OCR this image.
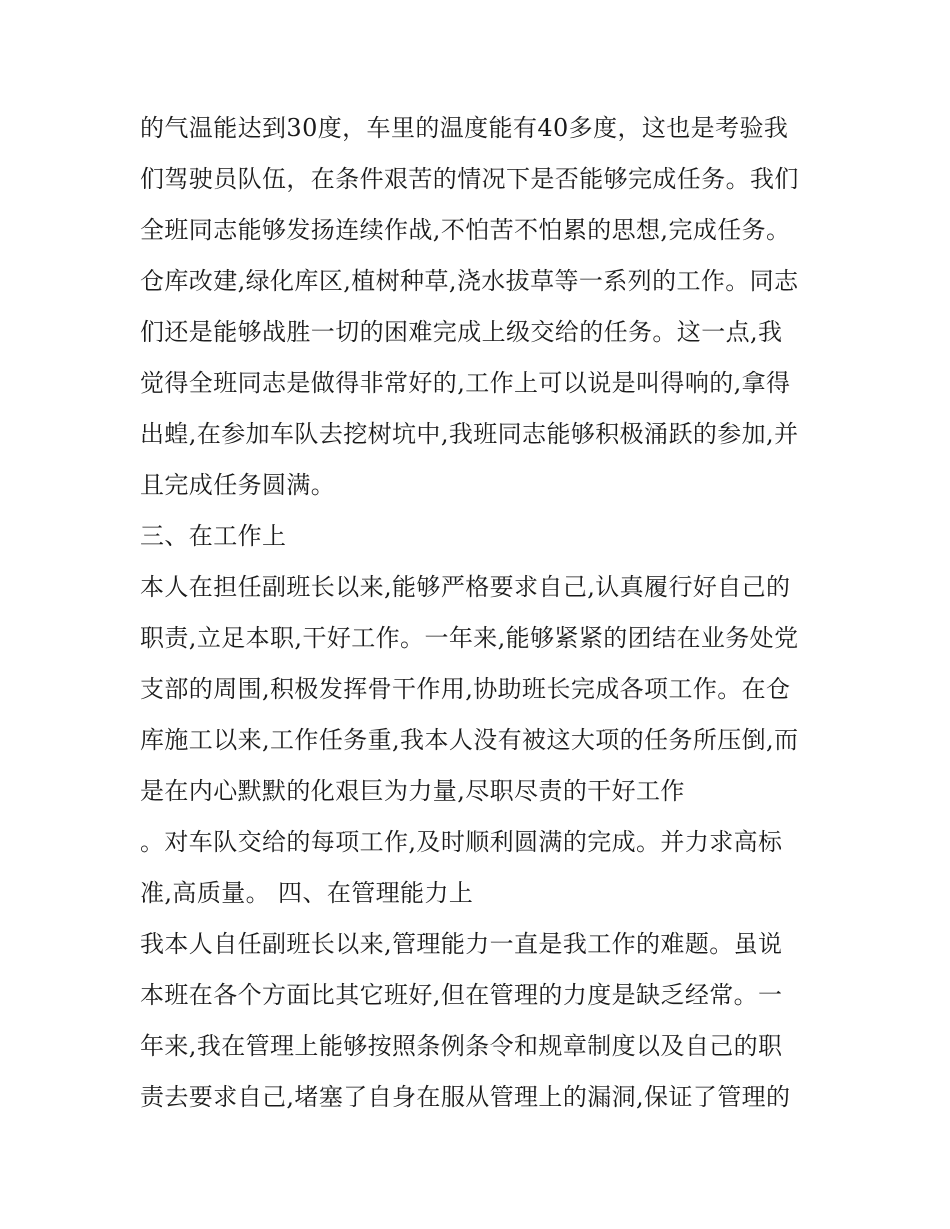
的气温能达到30度，车里的温度能有40多度，这也是考验我
们驾驶员队伍，在条件艰苦的情况下是否能够完成任务。我们
全班同志能够发扬连续作战,不怕苦不怕累的思想,完成任务。
仓库改建,绿化库区,植树种草,浇水拔草等一系列的工作。同志
们还是能够战胜一切的困难完成上级交给的任务。这一点,我
觉得全班同志是做得非常好的,工作上可以说是叫得响的,拿得
出蝗,在参加车队去挖树坑中,我班同志能够积极涌跃的参加,并
且完成任务圆满。
三、在工作上
本人在担任副班长以来,能够严格要求自己,认真履行好自己的
职责,立足本职,干好工作。一年来,能够紧紧的团结在业务处党
支部的周围,积极发挥骨干作用,协助班长完成各项工作。在仓
库施工以来,工作任务重,我本人没有被这大项的任务所压倒,而
是在内心默默的化艰巨为力量,尽职尽责的干好工作
。对车队交给的每项工作,及时顺利圆满的完成。并力求高标
准,高质量。 四、在管理能力上
我本人自任副班长以来,管理能力一直是我工作的难题。虽说
本班在各个方面比其它班好,但在管理的力度是缺乏经常。一
年来,我在管理上能够按照条例条令和规章制度以及自己的职
责去要求自己,堵塞了自身在服从管理上的漏洞,保证了管理的
